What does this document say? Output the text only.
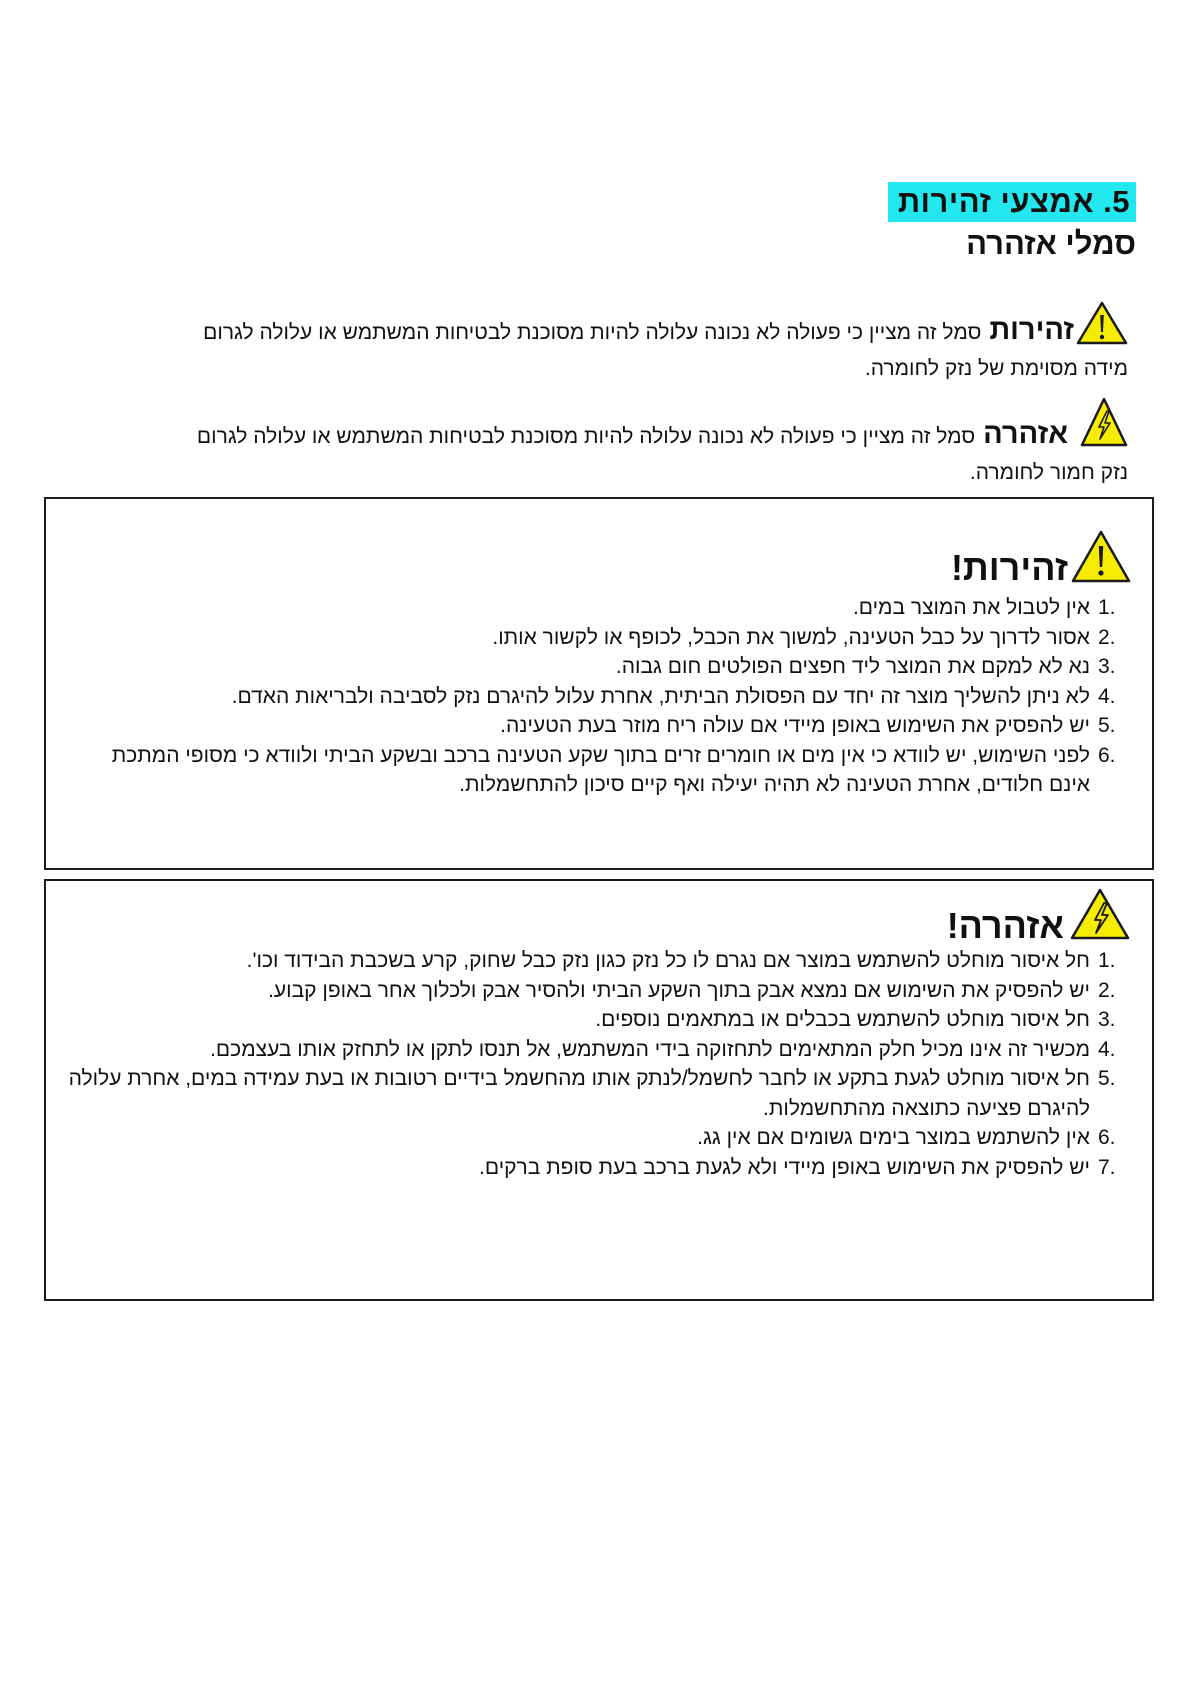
5. אמצעי זהירות
סמלי אזהרה
זהירותסמל זה מציין כי פעולה לא נכונה עלולה להיות מסוכנת לבטיחות המשתמש או עלולה לגרום
מידה מסוימת של נזק לחומרה.
אזהרהסמל זה מציין כי פעולה לא נכונה עלולה להיות מסוכנת לבטיחות המשתמש או עלולה לגרום
נזק חמור לחומרה.
זהירות!
1.
אין לטבול את המוצר במים.
2.
אסור לדרוך על כבל הטעינה, למשוך את הכבל, לכופף או לקשור אותו.
3.
נא לא למקם את המוצר ליד חפצים הפולטים חום גבוה.
4.
לא ניתן להשליך מוצר זה יחד עם הפסולת הביתית, אחרת עלול להיגרם נזק לסביבה ולבריאות האדם.
5.
יש להפסיק את השימוש באופן מיידי אם עולה ריח מוזר בעת הטעינה.
6.
לפני השימוש, יש לוודא כי אין מים או חומרים זרים בתוך שקע הטעינה ברכב ובשקע הביתי ולוודא כי מסופי המתכת אינם חלודים, אחרת הטעינה לא תהיה יעילה ואף קיים סיכון להתחשמלות.
אזהרה!
1.
חל איסור מוחלט להשתמש במוצר אם נגרם לו כל נזק כגון נזק כבל שחוק, קרע בשכבת הבידוד וכו'.
2.
יש להפסיק את השימוש אם נמצא אבק בתוך השקע הביתי ולהסיר אבק ולכלוך אחר באופן קבוע.
3.
חל איסור מוחלט להשתמש בכבלים או במתאמים נוספים.
4.
מכשיר זה אינו מכיל חלק המתאימים לתחזוקה בידי המשתמש, אל תנסו לתקן או לתחזק אותו בעצמכם.
5.
חל איסור מוחלט לגעת בתקע או לחבר לחשמל/לנתק אותו מהחשמל בידיים רטובות או בעת עמידה במים, אחרת עלולה להיגרם פציעה כתוצאה מהתחשמלות.
6.
אין להשתמש במוצר בימים גשומים אם אין גג.
7.
יש להפסיק את השימוש באופן מיידי ולא לגעת ברכב בעת סופת ברקים.
